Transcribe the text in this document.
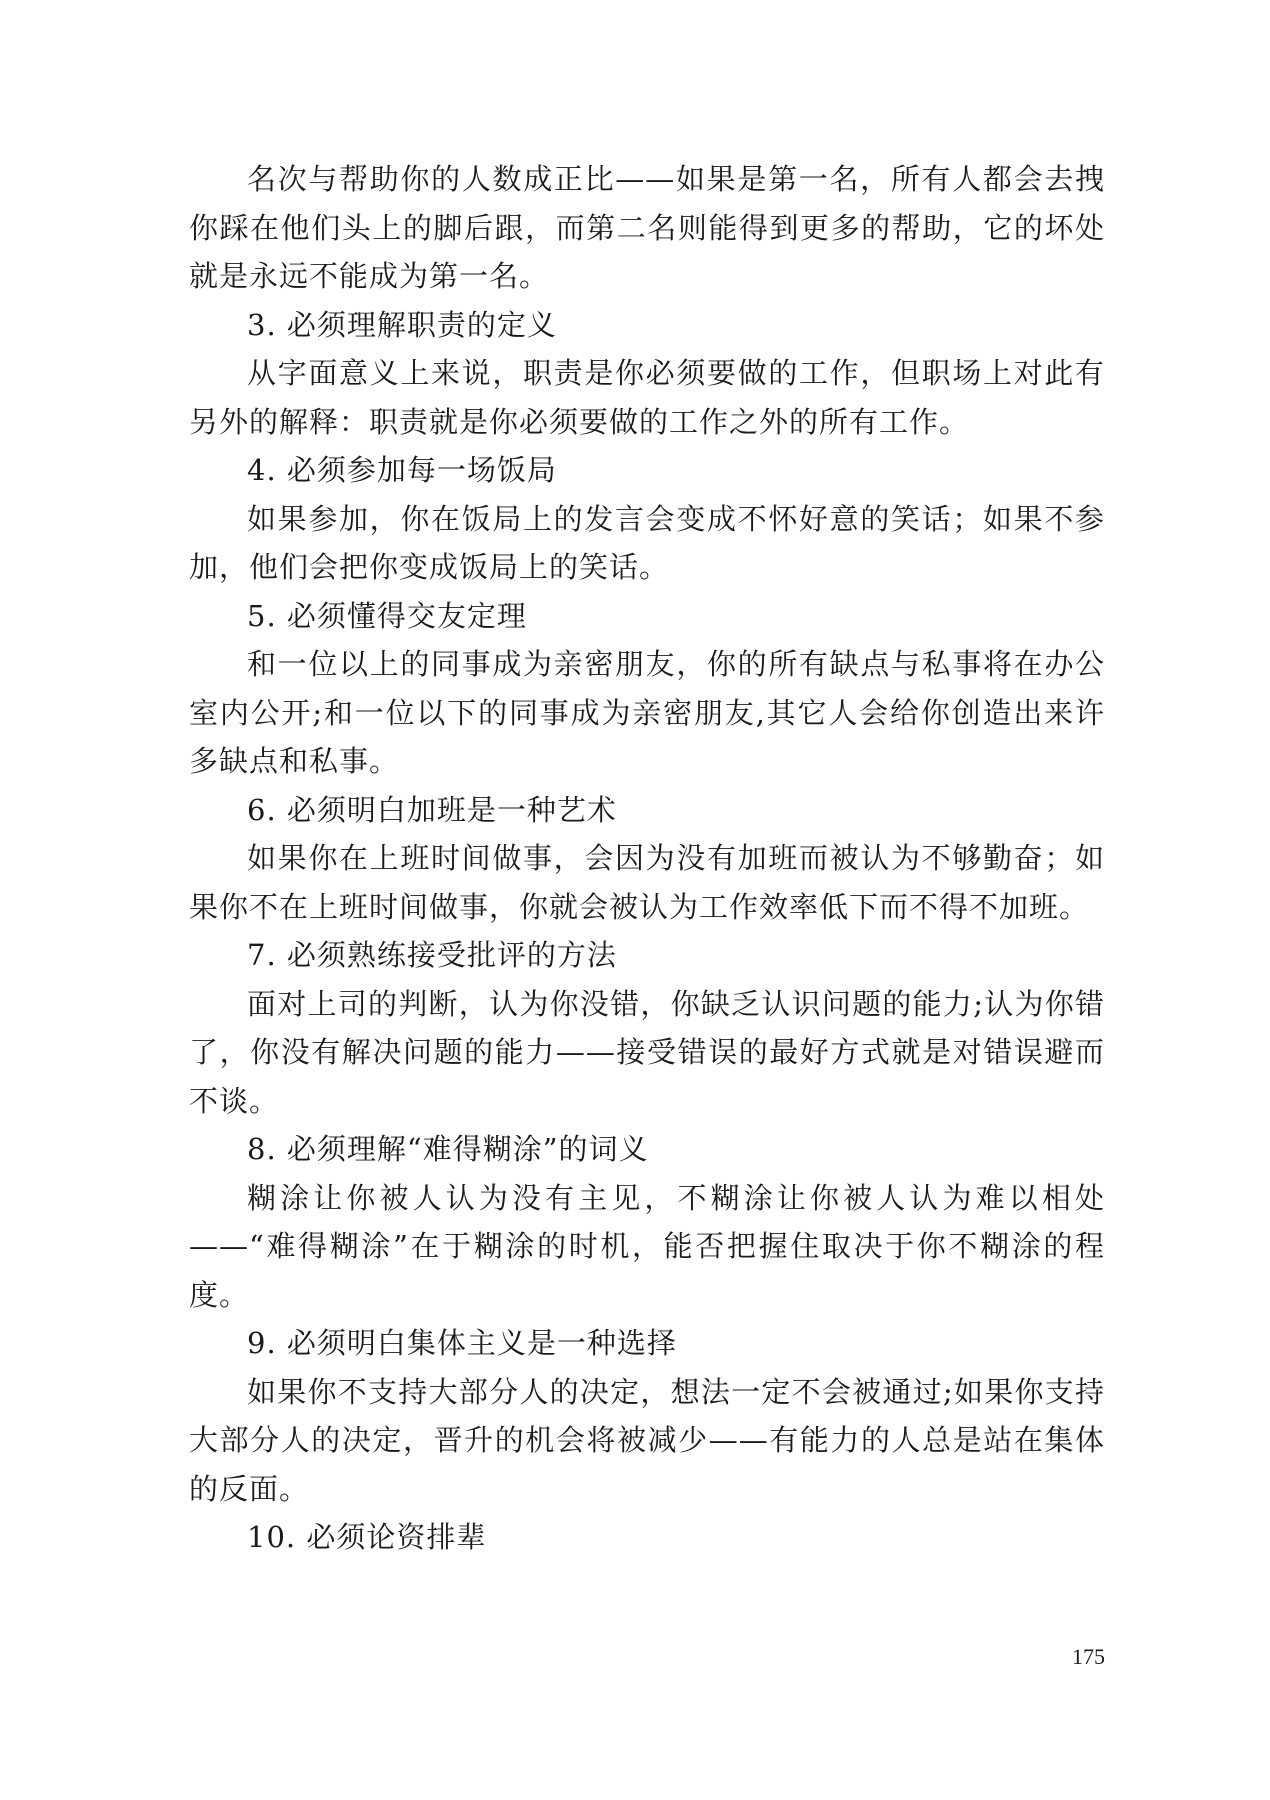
名次与帮助你的人数成正比——如果是第一名，所有人都会去拽你踩在他们头上的脚后跟，而第二名则能得到更多的帮助，它的坏处就是永远不能成为第一名。

3. 必须理解职责的定义

从字面意义上来说，职责是你必须要做的工作，但职场上对此有另外的解释：职责就是你必须要做的工作之外的所有工作。

4. 必须参加每一场饭局

如果参加，你在饭局上的发言会变成不怀好意的笑话；如果不参加，他们会把你变成饭局上的笑话。

5. 必须懂得交友定理

和一位以上的同事成为亲密朋友，你的所有缺点与私事将在办公室内公开;和一位以下的同事成为亲密朋友,其它人会给你创造出来许多缺点和私事。

6. 必须明白加班是一种艺术

如果你在上班时间做事，会因为没有加班而被认为不够勤奋；如果你不在上班时间做事，你就会被认为工作效率低下而不得不加班。

7. 必须熟练接受批评的方法

面对上司的判断，认为你没错，你缺乏认识问题的能力;认为你错了，你没有解决问题的能力——接受错误的最好方式就是对错误避而不谈。

8. 必须理解“难得糊涂”的词义

糊涂让你被人认为没有主见，不糊涂让你被人认为难以相处——“难得糊涂”在于糊涂的时机，能否把握住取决于你不糊涂的程度。

9. 必须明白集体主义是一种选择

如果你不支持大部分人的决定，想法一定不会被通过;如果你支持大部分人的决定，晋升的机会将被减少——有能力的人总是站在集体的反面。

10. 必须论资排辈

175
